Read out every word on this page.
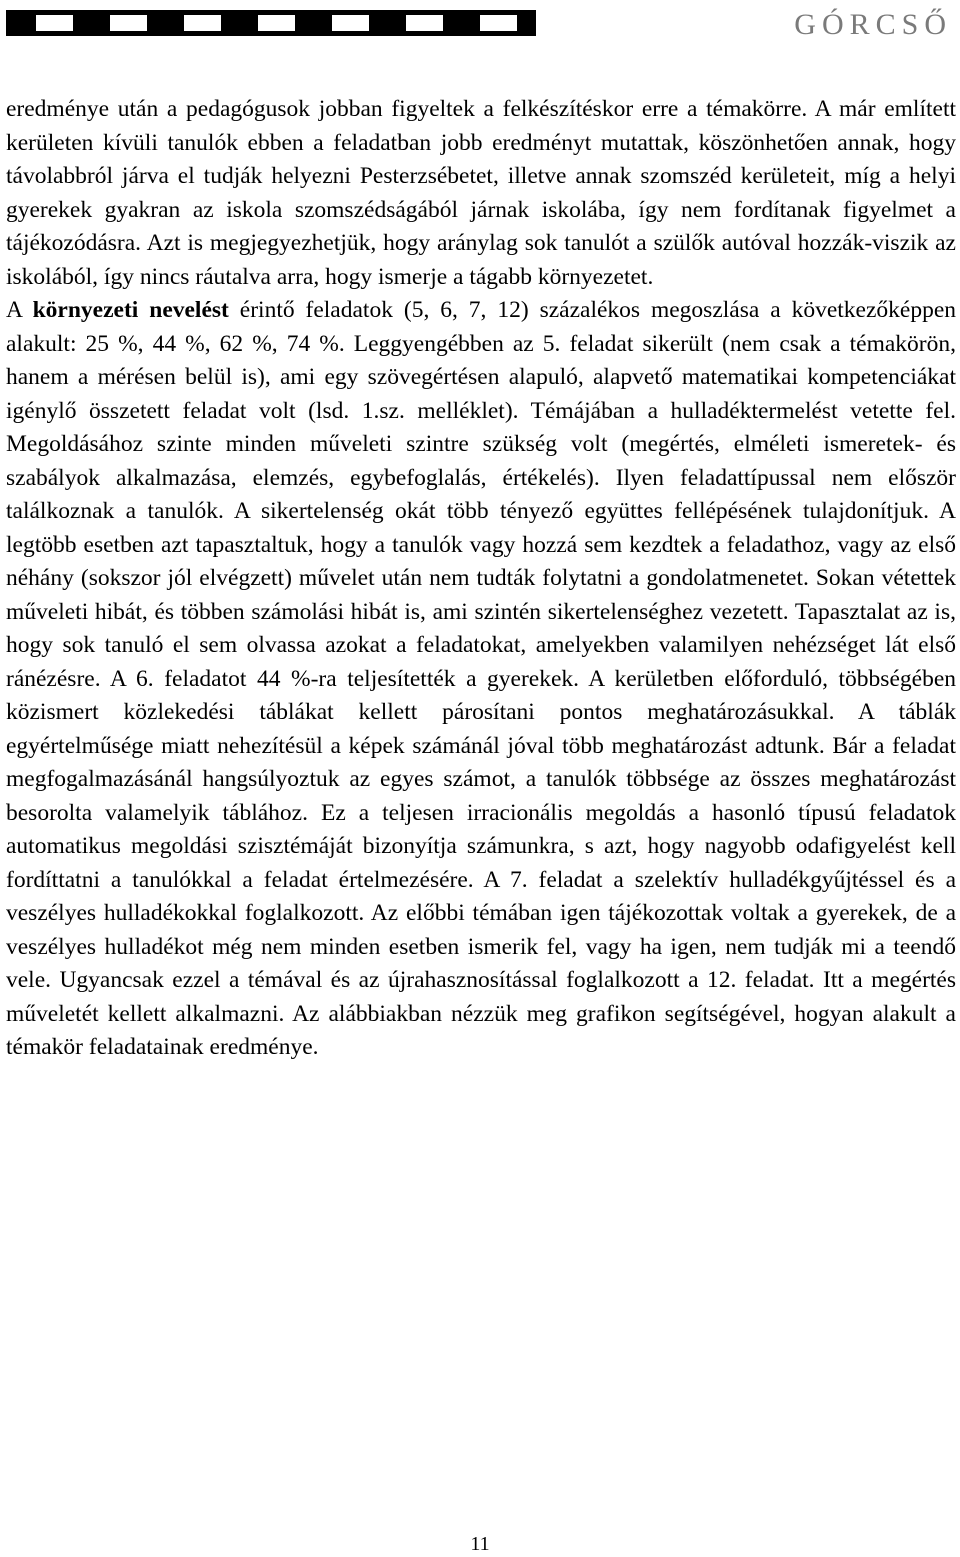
GÓRCSŐ

eredménye után a pedagógusok jobban figyeltek a felkészítéskor erre a témakörre. A már említett kerületen kívüli tanulók ebben a feladatban jobb eredményt mutattak, köszönhetően annak, hogy távolabbról járva el tudják helyezni Pesterzsébetet, illetve annak szomszéd kerületeit, míg a helyi gyerekek gyakran az iskola szomszédságából járnak iskolába, így nem fordítanak figyelmet a tájékozódásra. Azt is megjegyezhetjük, hogy aránylag sok tanulót a szülők autóval hozzák-viszik az iskolából, így nincs ráutalva arra, hogy ismerje a tágabb környezetet.

A környezeti nevelést érintő feladatok (5, 6, 7, 12) százalékos megoszlása a következőképpen alakult: 25 %, 44 %, 62 %, 74 %. Leggyengébben az 5. feladat sikerült (nem csak a témakörön, hanem a mérésen belül is), ami egy szövegértésen alapuló, alapvető matematikai kompetenciákat igénylő összetett feladat volt (lsd. 1.sz. melléklet). Témájában a hulladéktermelést vetette fel. Megoldásához szinte minden műveleti szintre szükség volt (megértés, elméleti ismeretek- és szabályok alkalmazása, elemzés, egybefoglalás, értékelés). Ilyen feladattípussal nem először találkoznak a tanulók. A sikertelenség okát több tényező együttes fellépésének tulajdonítjuk. A legtöbb esetben azt tapasztaltuk, hogy a tanulók vagy hozzá sem kezdtek a feladathoz, vagy az első néhány (sokszor jól elvégzett) művelet után nem tudták folytatni a gondolatmenetet. Sokan vétettek műveleti hibát, és többen számolási hibát is, ami szintén sikertelenséghez vezetett. Tapasztalat az is, hogy sok tanuló el sem olvassa azokat a feladatokat, amelyekben valamilyen nehézséget lát első ránézésre. A 6. feladatot 44 %-ra teljesítették a gyerekek. A kerületben előforduló, többségében közismert közlekedési táblákat kellett párosítani pontos meghatározásukkal. A táblák egyértelműsége miatt nehezítésül a képek számánál jóval több meghatározást adtunk. Bár a feladat megfogalmazásánál hangsúlyoztuk az egyes számot, a tanulók többsége az összes meghatározást besorolta valamelyik táblához. Ez a teljesen irracionális megoldás a hasonló típusú feladatok automatikus megoldási szisztémáját bizonyítja számunkra, s azt, hogy nagyobb odafigyelést kell fordíttatni a tanulókkal a feladat értelmezésére. A 7. feladat a szelektív hulladékgyűjtéssel és a veszélyes hulladékokkal foglalkozott. Az előbbi témában igen tájékozottak voltak a gyerekek, de a veszélyes hulladékot még nem minden esetben ismerik fel, vagy ha igen, nem tudják mi a teendő vele. Ugyancsak ezzel a témával és az újrahasznosítással foglalkozott a 12. feladat. Itt a megértés műveletét kellett alkalmazni. Az alábbiakban nézzük meg grafikon segítségével, hogyan alakult a témakör feladatainak eredménye.

11
